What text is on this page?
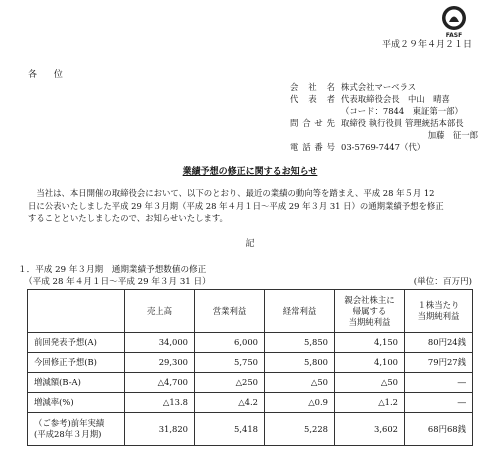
FASF
平成２９年４月２１日
各 位
会社名 株式会社マーベラス
代表者 代表取締役会長　中山　晴喜
（コード：7844　東証第一部）
問合せ先 取締役 執行役員 管理統括本部長
加藤　征一郎
電話番号 03-5769-7447（代）
業績予想の修正に関するお知らせ
　当社は、本日開催の取締役会において、以下のとおり、最近の業績の動向等を踏まえ、平成 28 年５月 12
日に公表いたしました平成 29 年３月期（平成 28 年４月１日〜平成 29 年３月 31 日）の通期業績予想を修正
することといたしましたので、お知らせいたします。
記
１．平成 29 年３月期　通期業績予想数値の修正
（平成 28 年４月１日〜平成 29 年３月 31 日）	(単位：百万円)
	売上高	営業利益	経常利益	親会社株主に
帰属する
当期純利益	１株当たり
当期純利益
前回発表予想(A)	34,000	6,000	5,850	4,150	80円24銭
今回修正予想(B)	29,300	5,750	5,800	4,100	79円27銭
増減額(B-A)	△4,700	△250	△50	△50	―
増減率(%)	△13.8	△4.2	△0.9	△1.2	―
（ご参考)前年実績
(平成28年３月期)	31,820	5,418	5,228	3,602	68円68銭
